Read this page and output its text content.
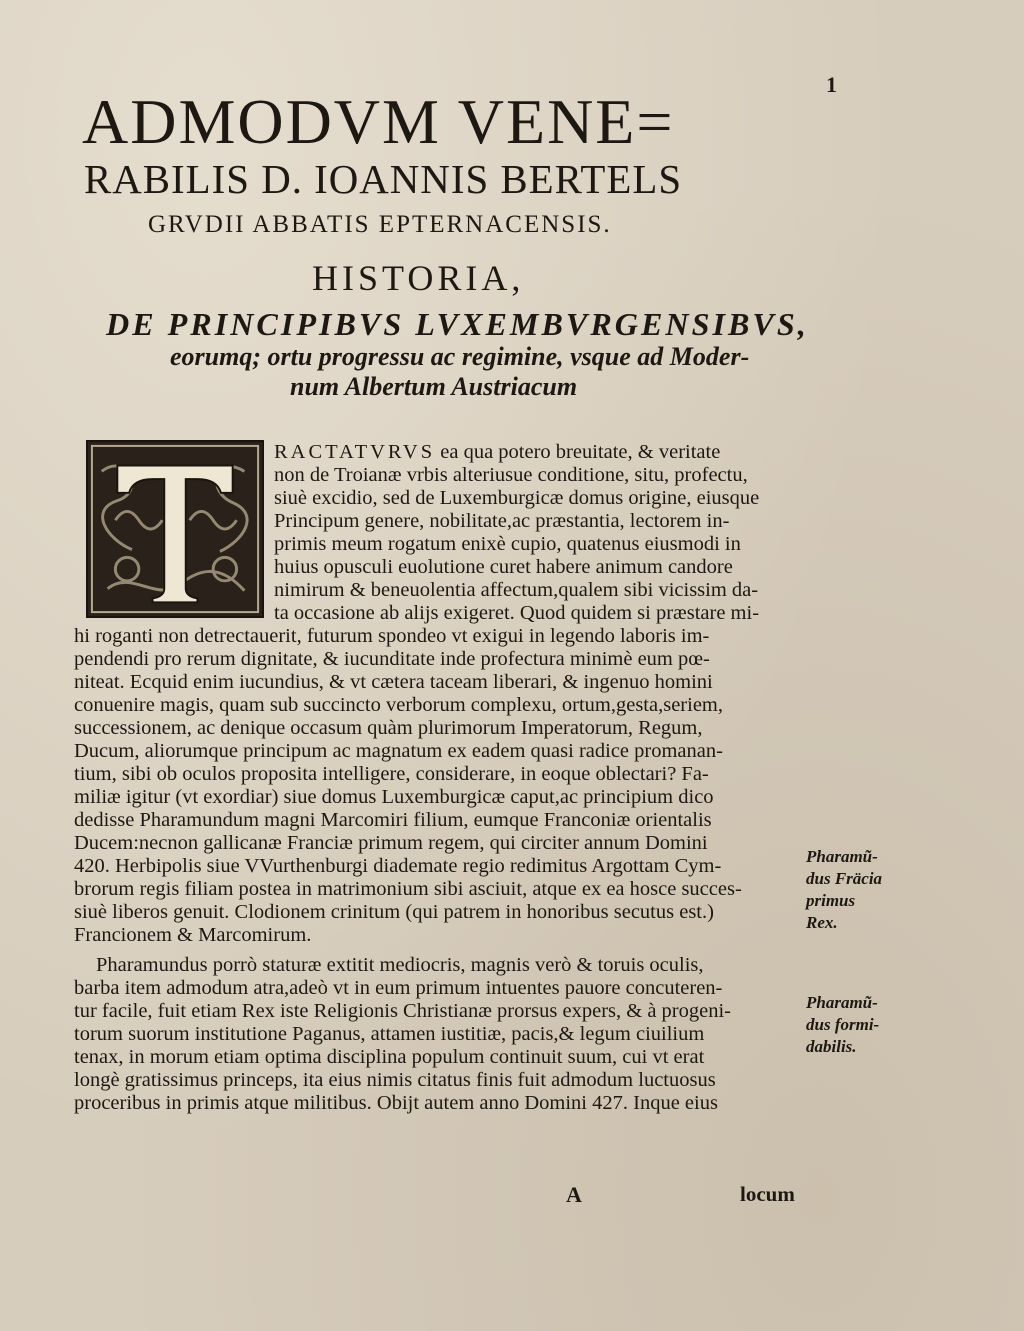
1
ADMODVM VENE=
RABILIS D. IOANNIS BERTELS
GRVDII ABBATIS EPTERNACENSIS.
HISTORIA,
DE PRINCIPIBVS LVXEMBVRGENSIBVS,
eorumq; ortu progressu ac regimine, vsque ad Moder-
num Albertum Austriacum
RACTATVRVS ea qua potero breuitate, & veritate
non de Troianæ vrbis alteriusue conditione, situ, profectu,
siuè excidio, sed de Luxemburgicæ domus origine, eiusque
Principum genere, nobilitate,ac præstantia, lectorem in-
primis meum rogatum enixè cupio, quatenus eiusmodi in
huius opusculi euolutione curet habere animum candore
nimirum & beneuolentia affectum,qualem sibi vicissim da-
ta occasione ab alijs exigeret. Quod quidem si præstare mi-
hi roganti non detrectauerit, futurum spondeo vt exigui in legendo laboris im-
pendendi pro rerum dignitate, & iucunditate inde profectura minimè eum pœ-
niteat. Ecquid enim iucundius, & vt cætera taceam liberari, & ingenuo homini
conuenire magis, quam sub succincto verborum complexu, ortum,gesta,seriem,
successionem, ac denique occasum quàm plurimorum Imperatorum, Regum,
Ducum, aliorumque principum ac magnatum ex eadem quasi radice promanan-
tium, sibi ob oculos proposita intelligere, considerare, in eoque oblectari? Fa-
miliæ igitur (vt exordiar) siue domus Luxemburgicæ caput,ac principium dico
dedisse Pharamundum magni Marcomiri filium, eumque Franconiæ orientalis
Ducem:necnon gallicanæ Franciæ primum regem, qui circiter annum Domini
420. Herbipolis siue VVurthenburgi diademate regio redimitus Argottam Cym-
brorum regis filiam postea in matrimonium sibi asciuit, atque ex ea hosce succes-
siuè liberos genuit. Clodionem crinitum (qui patrem in honoribus secutus est.)
Francionem & Marcomirum.
Pharamundus porrò staturæ extitit mediocris, magnis verò & toruis oculis,
barba item admodum atra,adeò vt in eum primum intuentes pauore concuteren-
tur facile, fuit etiam Rex iste Religionis Christianæ prorsus expers, & à progeni-
torum suorum institutione Paganus, attamen iustitiæ, pacis,& legum ciuilium
tenax, in morum etiam optima disciplina populum continuit suum, cui vt erat
longè gratissimus princeps, ita eius nimis citatus finis fuit admodum luctuosus
proceribus in primis atque militibus. Obijt autem anno Domini 427. Inque eius
Pharamũ-
dus Fräcia
primus
Rex.
Pharamũ-
dus formi-
dabilis.
A	locum
